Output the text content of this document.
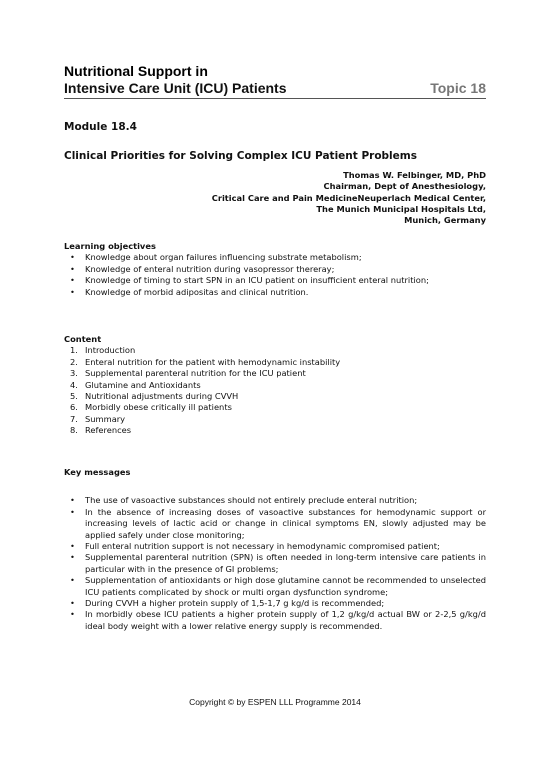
Nutritional Support in
Intensive Care Unit (ICU) Patients	Topic 18
Module 18.4
Clinical Priorities for Solving Complex ICU Patient Problems
Thomas W. Felbinger, MD, PhD
Chairman, Dept of Anesthesiology,
Critical Care and Pain MedicineNeuperlach Medical Center,
The Munich Municipal Hospitals Ltd,
Munich, Germany
Learning objectives
• Knowledge about organ failures influencing substrate metabolism;
• Knowledge of enteral nutrition during vasopressor thereray;
• Knowledge of timing to start SPN in an ICU patient on insufficient enteral nutrition;
• Knowledge of morbid adipositas and clinical nutrition.
Content
1. Introduction
2. Enteral nutrition for the patient with hemodynamic instability
3. Supplemental parenteral nutrition for the ICU patient
4. Glutamine and Antioxidants
5. Nutritional adjustments during CVVH
6. Morbidly obese critically ill patients
7. Summary
8. References
Key messages
• The use of vasoactive substances should not entirely preclude enteral nutrition;
• In the absence of increasing doses of vasoactive substances for hemodynamic support or increasing levels of lactic acid or change in clinical symptoms EN, slowly adjusted may be applied safely under close monitoring;
• Full enteral nutrition support is not necessary in hemodynamic compromised patient;
• Supplemental parenteral nutrition (SPN) is often needed in long-term intensive care patients in particular with in the presence of GI problems;
• Supplementation of antioxidants or high dose glutamine cannot be recommended to unselected ICU patients complicated by shock or multi organ dysfunction syndrome;
• During CVVH a higher protein supply of 1,5-1,7 g kg/d is recommended;
• In morbidly obese ICU patients a higher protein supply of 1,2 g/kg/d actual BW or 2-2,5 g/kg/d ideal body weight with a lower relative energy supply is recommended.
Copyright © by ESPEN LLL Programme 2014
